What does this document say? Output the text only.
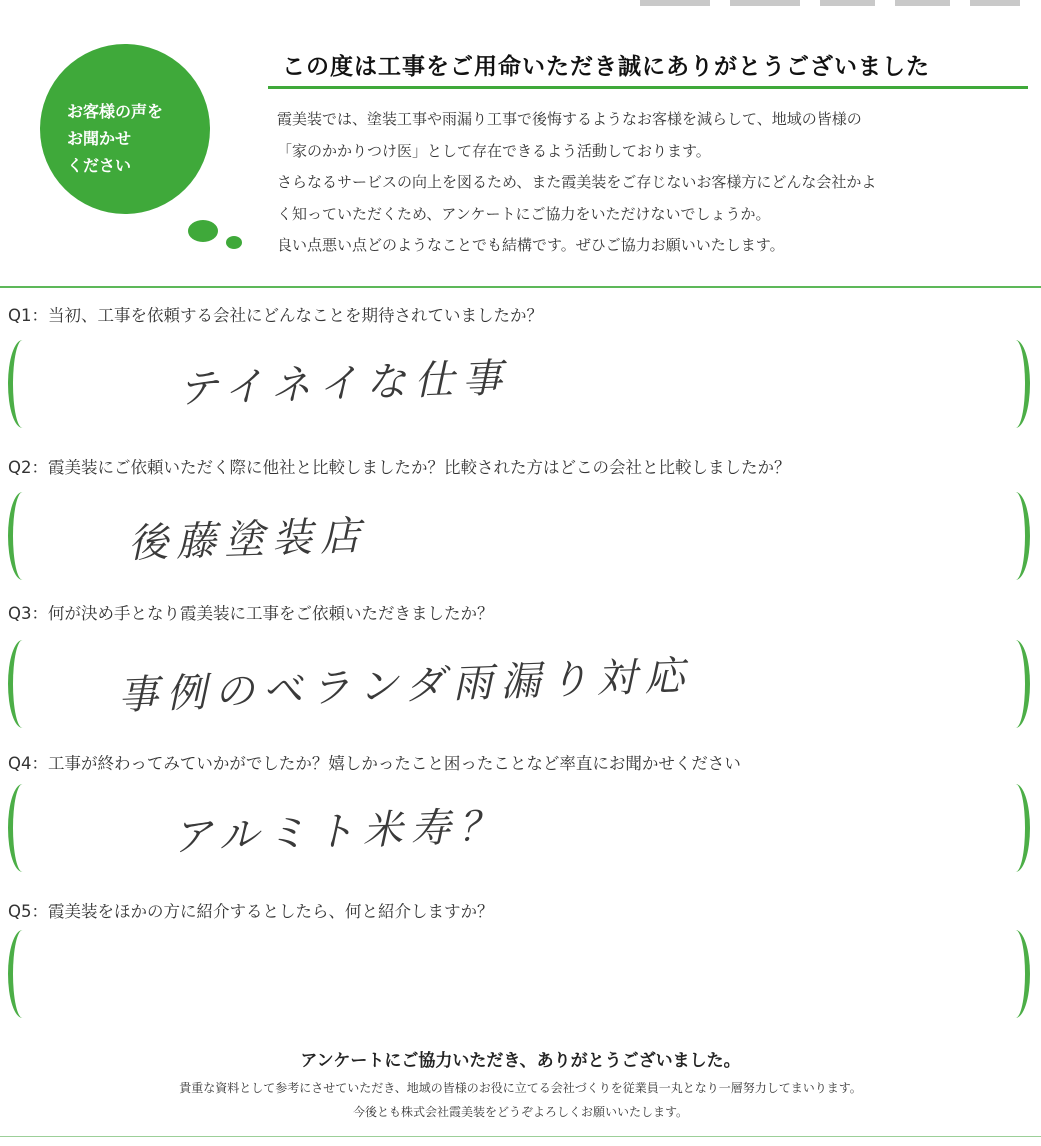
お客様の声を
お聞かせ
ください
この度は工事をご用命いただき誠にありがとうございました
霞美装では、塗装工事や雨漏り工事で後悔するようなお客様を減らして、地域の皆様の
「家のかかりつけ医」として存在できるよう活動しております。
さらなるサービスの向上を図るため、また霞美装をご存じないお客様方にどんな会社かよ
く知っていただくため、アンケートにご協力をいただけないでしょうか。
良い点悪い点どのようなことでも結構です。ぜひご協力お願いいたします。
Q1：当初、工事を依頼する会社にどんなことを期待されていましたか？
テイネイな仕事
Q2：霞美装にご依頼いただく際に他社と比較しましたか？比較された方はどこの会社と比較しましたか？
後藤塗装店
Q3：何が決め手となり霞美装に工事をご依頼いただきましたか？
事例のベランダ雨漏り対応
Q4：工事が終わってみていかがでしたか？嬉しかったこと困ったことなど率直にお聞かせください
アルミト米寿？
Q5：霞美装をほかの方に紹介するとしたら、何と紹介しますか？
アンケートにご協力いただき、ありがとうございました。
貴重な資料として参考にさせていただき、地域の皆様のお役に立てる会社づくりを従業員一丸となり一層努力してまいります。
今後とも株式会社霞美装をどうぞよろしくお願いいたします。
